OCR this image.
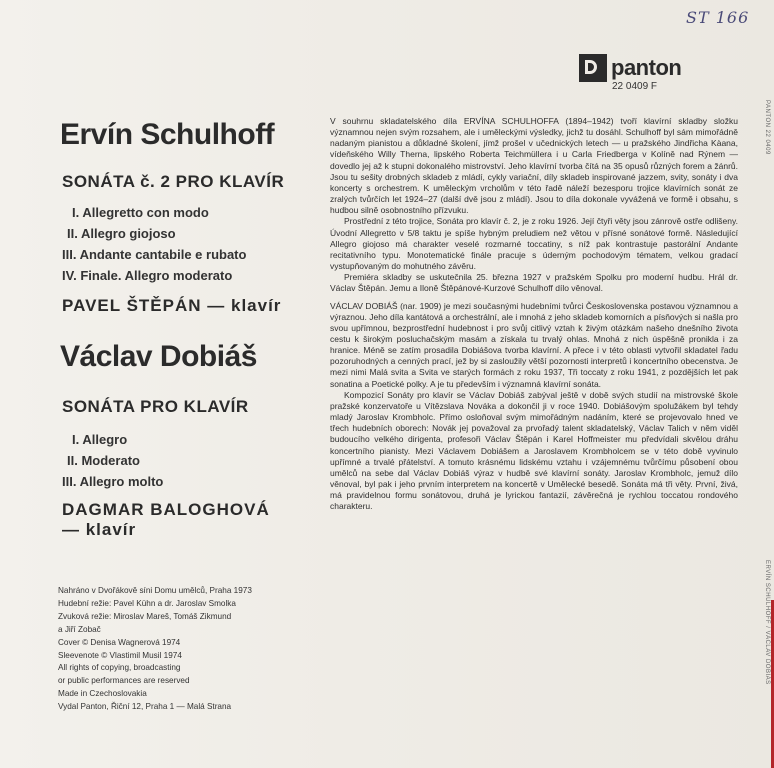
ST 166
panton
22 0409 F
PANTON 22 0409
ERVÍN SCHULHOFF / VÁCLAV DOBIÁŠ
Ervín Schulhoff
SONÁTA č. 2 PRO KLAVÍR
I. Allegretto con modo
II. Allegro giojoso
III. Andante cantabile e rubato
IV. Finale. Allegro moderato
PAVEL ŠTĚPÁN — klavír
Václav Dobiáš
SONÁTA PRO KLAVÍR
I. Allegro
II. Moderato
III. Allegro molto
DAGMAR BALOGHOVÁ
— klavír
Nahráno v Dvořákově síni Domu umělců, Praha 1973
Hudební režie: Pavel Kühn a dr. Jaroslav Smolka
Zvuková režie: Miroslav Mareš, Tomáš Zikmund
a Jiří Zobač
Cover © Denisa Wagnerová 1974
Sleevenote © Vlastimil Musil 1974
All rights of copying, broadcasting
or public performances are reserved
Made in Czechoslovakia
Vydal Panton, Řiční 12, Praha 1 — Malá Strana

V souhrnu skladatelského díla ERVÍNA SCHULHOFFA (1894–1942) tvoří klavírní skladby složku významnou nejen svým rozsahem, ale i uměleckými výsledky, jichž tu dosáhl. Schulhoff byl sám mimořádně nadaným pianistou a důkladné školení, jímž prošel v učednických letech — u pražského Jindřicha Kàana, vídeňského Willy Therna, lipského Roberta Teichmüllera i u Carla Friedberga v Kolíně nad Rýnem — dovedlo jej až k stupni dokonalého mistrovství. Jeho klavírní tvorba čítá na 35 opusů různých forem a žánrů. Jsou tu sešity drobných skladeb z mládí, cykly variační, díly skladeb inspirované jazzem, svity, sonáty i dva koncerty s orchestrem. K uměleckým vrcholům v této řadě náleží bezesporu trojice klavírních sonát ze zralých tvůrčích let 1924–27 (další dvě jsou z mládí). Jsou to díla dokonale vyvážená ve formě i obsahu, s hudbou silně osobnostního přízvuku.

Prostřední z této trojice, Sonáta pro klavír č. 2, je z roku 1926. Její čtyři věty jsou zánrově ostře odlišeny. Úvodní Allegretto v 5/8 taktu je spíše hybným preludiem než větou v přísné sonátové formě. Následující Allegro giojoso má charakter veselé rozmarné toccatiny, s níž pak kontrastuje pastorální Andante recitativního typu. Monotematické finále pracuje s úderným pochodovým tématem, velkou gradací vystupňovaným do mohutného závěru.

Premiéra skladby se uskutečnila 25. března 1927 v pražském Spolku pro moderní hudbu. Hrál dr. Václav Štěpán. Jemu a Iloně Štěpánové-Kurzové Schulhoff dílo věnoval.

VÁCLAV DOBIÁŠ (nar. 1909) je mezi současnými hudebními tvůrci Československa postavou významnou a výraznou. Jeho díla kantátová a orchestrální, ale i mnohá z jeho skladeb komorních a písňových si našla pro svou upřímnou, bezprostřední hudebnost i pro svůj citlivý vztah k živým otázkám našeho dnešního života cestu k širokým posluchačským masám a získala tu trvalý ohlas. Mnohá z nich úspěšně pronikla i za hranice. Méně se zatím prosadila Dobiášova tvorba klavírní. A přece i v této oblasti vytvořil skladatel řadu pozoruhodných a cenných prací, jež by si zasloužily větší pozornosti interpretů i koncertního obecenstva. Je mezi nimi Malá svita a Svita ve starých formách z roku 1937, Tři toccaty z roku 1941, z pozdějších let pak sonatina a Poetické polky. A je tu především i významná klavírní sonáta.

Kompozicí Sonáty pro klavír se Václav Dobiáš zabýval ještě v době svých studií na mistrovské škole pražské konzervatoře u Vítězslava Nováka a dokončil ji v roce 1940. Dobiášovým spolužákem byl tehdy mladý Jaroslav Krombholc. Přímo osloňoval svým mimořádným nadáním, které se projevovalo hned ve třech hudebních oborech: Novák jej považoval za prvořadý talent skladatelský, Václav Talich v něm viděl budoucího velkého dirigenta, profesoři Václav Štěpán i Karel Hoffmeister mu předvídali skvělou dráhu koncertního pianisty. Mezi Václavem Dobiášem a Jaroslavem Krombholcem se v této době vyvinulo upřímné a trvalé přátelství. A tomuto krásnému lidskému vztahu i vzájemnému tvůrčímu působení obou umělců na sebe dal Václav Dobiáš výraz v hudbě své klavírní sonáty. Jaroslav Krombholc, jemuž dílo věnoval, byl pak i jeho prvním interpretem na koncertě v Umělecké besedě. Sonáta má tři věty. První, živá, má pravidelnou formu sonátovou, druhá je lyrickou fantazií, závěrečná je rychlou toccatou rondového charakteru.
